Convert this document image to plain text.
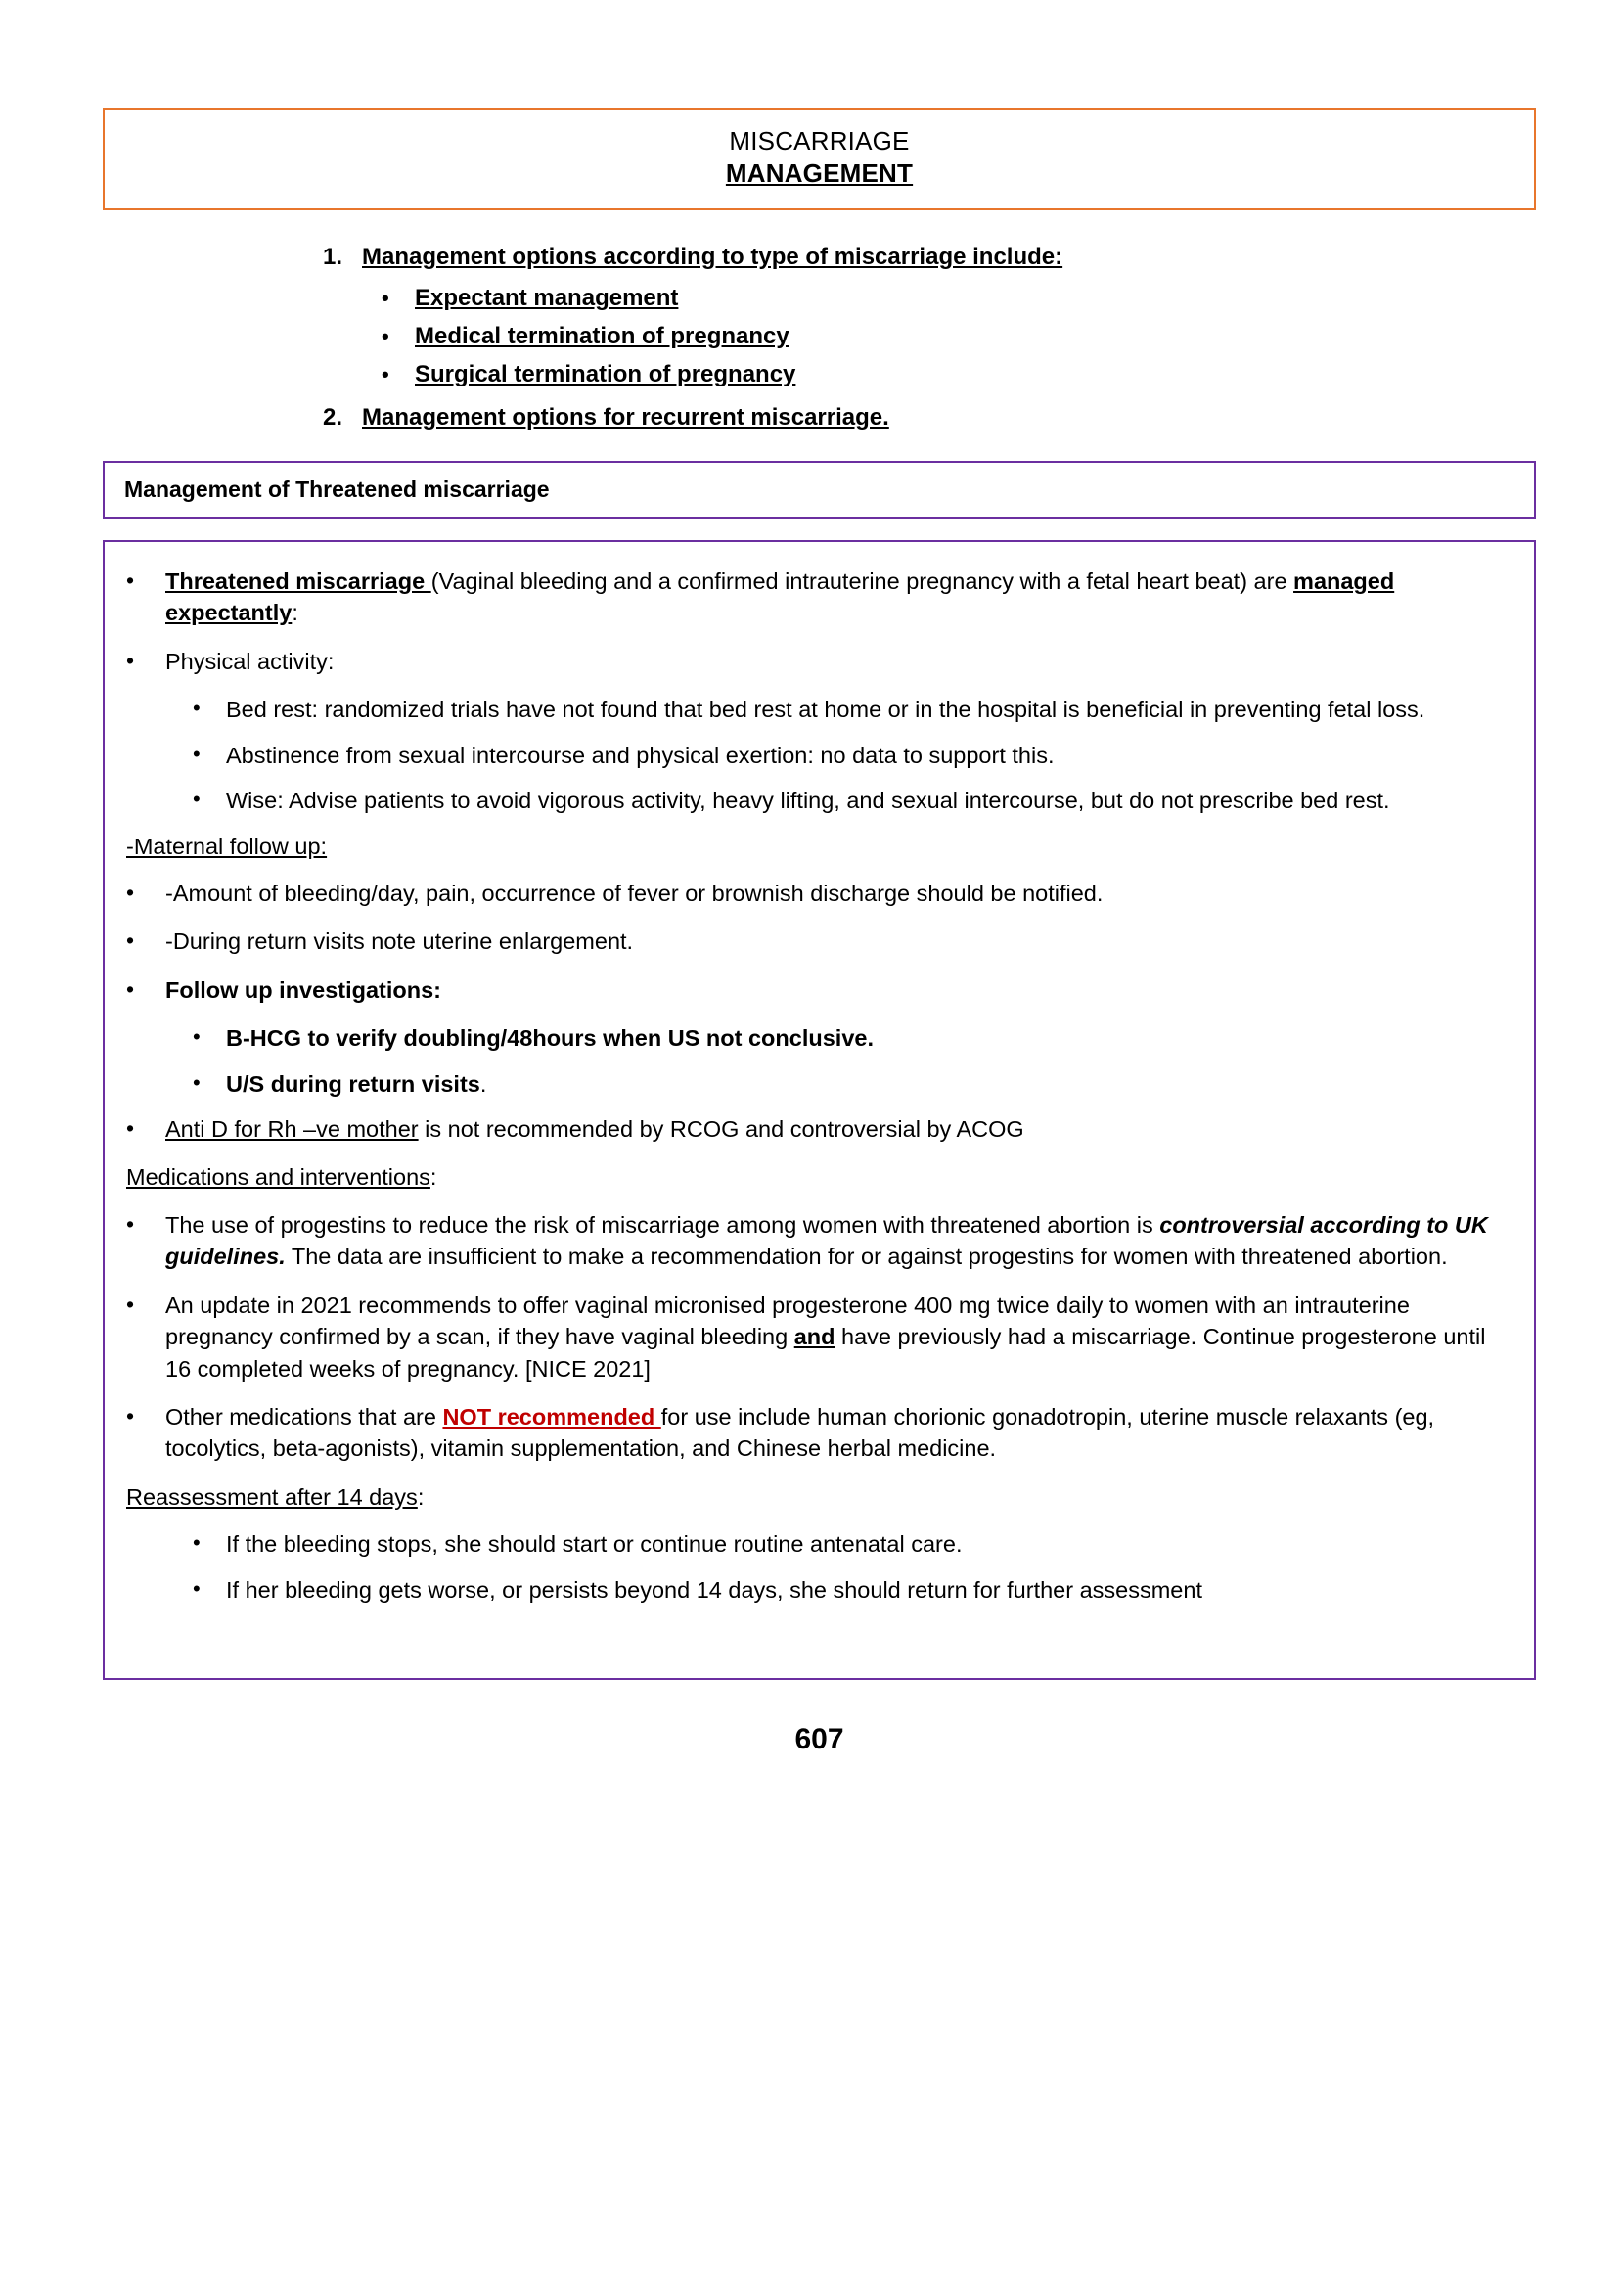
MISCARRIAGE
MANAGEMENT
1. Management options according to type of miscarriage include:
•	Expectant management
•	Medical termination of pregnancy
•	Surgical termination of pregnancy
2. Management options for recurrent miscarriage.
Management of Threatened miscarriage
•	Threatened miscarriage (Vaginal bleeding and a confirmed intrauterine pregnancy with a fetal heart beat) are managed expectantly:
•	Physical activity:
•	Bed rest: randomized trials have not found that bed rest at home or in the hospital is beneficial in preventing fetal loss.
•	Abstinence from sexual intercourse and physical exertion: no data to support this.
•	Wise: Advise patients to avoid vigorous activity, heavy lifting, and sexual intercourse, but do not prescribe bed rest.
-Maternal follow up:
•	-Amount of bleeding/day, pain, occurrence of fever or brownish discharge should be notified.
•	-During return visits note uterine enlargement.
•	Follow up investigations:
•	B-HCG to verify doubling/48hours when US not conclusive.
•	U/S during return visits.
•	Anti D for Rh –ve mother is not recommended by RCOG and controversial by ACOG
Medications and interventions:
•	The use of progestins to reduce the risk of miscarriage among women with threatened abortion is controversial according to UK guidelines. The data are insufficient to make a recommendation for or against progestins for women with threatened abortion.
•	An update in 2021 recommends to offer vaginal micronised progesterone 400 mg twice daily to women with an intrauterine pregnancy confirmed by a scan, if they have vaginal bleeding and have previously had a miscarriage. Continue progesterone until 16 completed weeks of pregnancy. [NICE 2021]
•	Other medications that are NOT recommended for use include human chorionic gonadotropin, uterine muscle relaxants (eg, tocolytics, beta-agonists), vitamin supplementation, and Chinese herbal medicine.
Reassessment after 14 days:
•	If the bleeding stops, she should start or continue routine antenatal care.
•	If her bleeding gets worse, or persists beyond 14 days, she should return for further assessment
607
